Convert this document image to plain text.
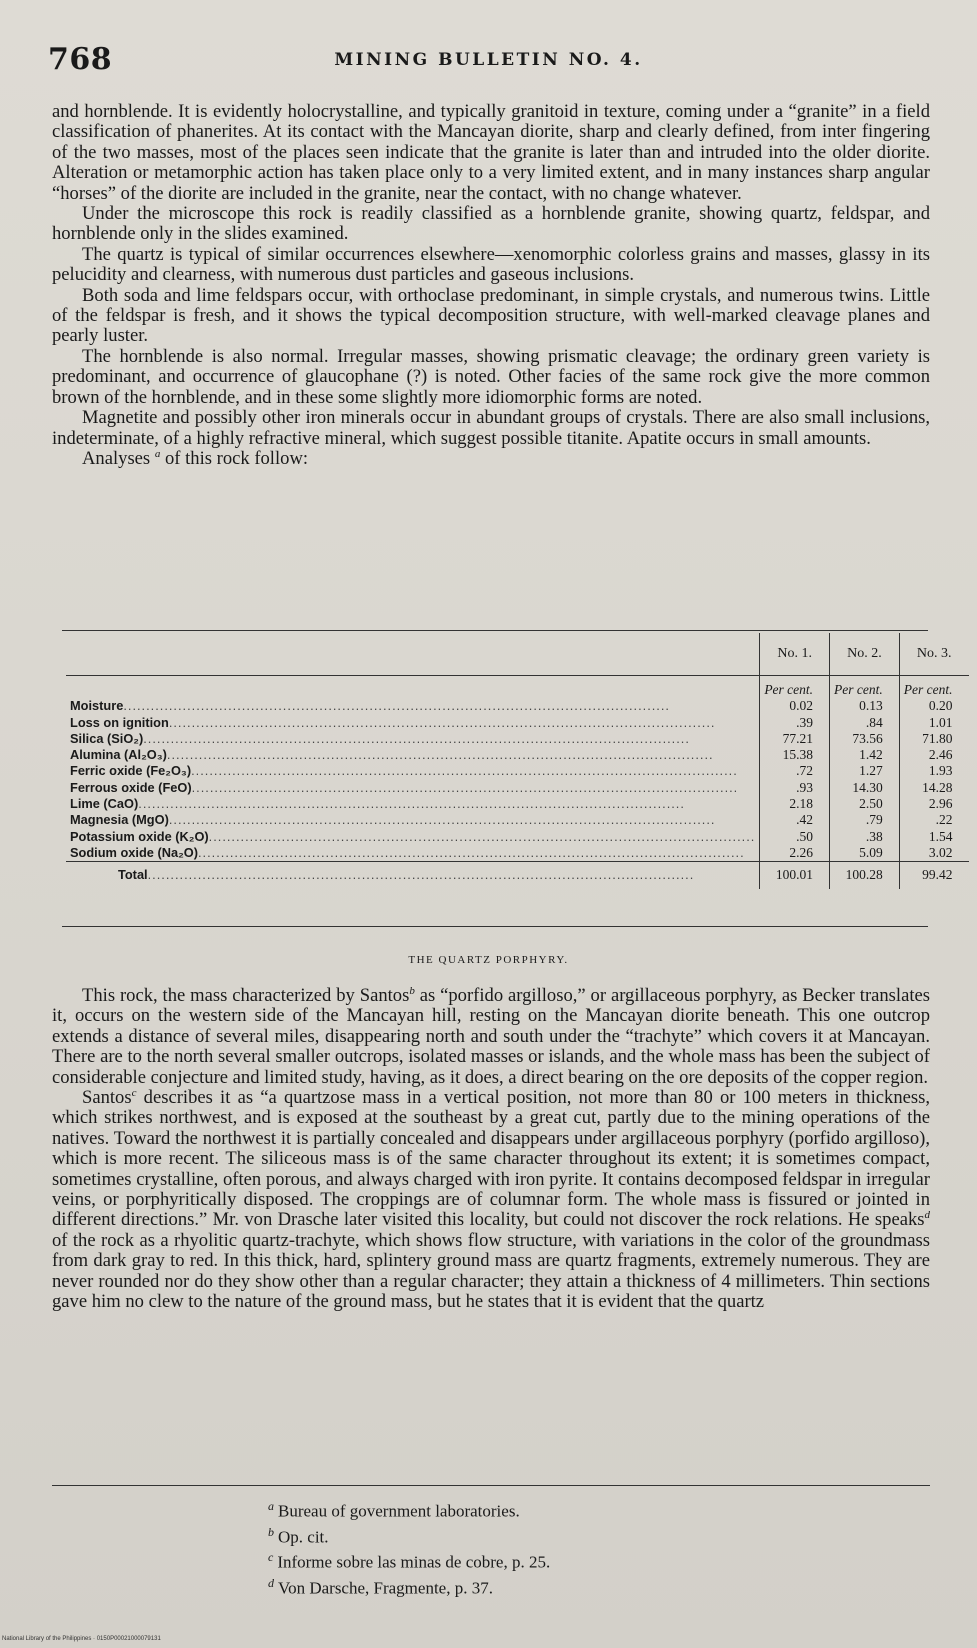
768	MINING BULLETIN NO. 4.

and hornblende. It is evidently holocrystalline, and typically granitoid in texture, coming under a “granite” in a field classification of phanerites. At its contact with the Mancayan diorite, sharp and clearly defined, from inter fingering of the two masses, most of the places seen indicate that the granite is later than and intruded into the older diorite. Alteration or metamorphic action has taken place only to a very limited extent, and in many instances sharp angular “horses” of the diorite are included in the granite, near the contact, with no change whatever.

Under the microscope this rock is readily classified as a hornblende granite, showing quartz, feldspar, and hornblende only in the slides examined.

The quartz is typical of similar occurrences elsewhere—xenomorphic colorless grains and masses, glassy in its pelucidity and clearness, with numerous dust particles and gaseous inclusions.

Both soda and lime feldspars occur, with orthoclase predominant, in simple crystals, and numerous twins. Little of the feldspar is fresh, and it shows the typical decomposition structure, with well-marked cleavage planes and pearly luster.

The hornblende is also normal. Irregular masses, showing prismatic cleavage; the ordinary green variety is predominant, and occurrence of glaucophane (?) is noted. Other facies of the same rock give the more common brown of the hornblende, and in these some slightly more idiomorphic forms are noted.

Magnetite and possibly other iron minerals occur in abundant groups of crystals. There are also small inclusions, indeterminate, of a highly refractive mineral, which suggest possible titanite. Apatite occurs in small amounts.

Analyses $^a$ of this rock follow:

	No. 1.	No. 2.	No. 3.
	Per cent.	Per cent.	Per cent.

Moisture ........................................................................................................................	0.02	0.13	0.20

Loss on ignition ........................................................................................................................	.39	.84	1.01

Silica (SiO₂) ........................................................................................................................	77.21	73.56	71.80

Alumina (Al₂O₃) ........................................................................................................................	15.38	1.42	2.46

Ferric oxide (Fe₂O₃) ........................................................................................................................	.72	1.27	1.93

Ferrous oxide (FeO) ........................................................................................................................	.93	14.30	14.28

Lime (CaO) ........................................................................................................................	2.18	2.50	2.96

Magnesia (MgO) ........................................................................................................................	.42	.79	.22

Potassium oxide (K₂O) ........................................................................................................................	.50	.38	1.54

Sodium oxide (Na₂O) ........................................................................................................................	2.26	5.09	3.02

Total ........................................................................................................................	100.01	100.28	99.42
THE QUARTZ PORPHYRY.

This rock, the mass characterized by Santos$^b$ as “porfido argilloso,” or argillaceous porphyry, as Becker translates it, occurs on the western side of the Mancayan hill, resting on the Mancayan diorite beneath. This one outcrop extends a distance of several miles, disappearing north and south under the “trachyte” which covers it at Mancayan. There are to the north several smaller outcrops, isolated masses or islands, and the whole mass has been the subject of considerable conjecture and limited study, having, as it does, a direct bearing on the ore deposits of the copper region.

Santos$^c$ describes it as “a quartzose mass in a vertical position, not more than 80 or 100 meters in thickness, which strikes northwest, and is exposed at the southeast by a great cut, partly due to the mining operations of the natives. Toward the northwest it is partially concealed and disappears under argillaceous porphyry (porfido argilloso), which is more recent. The siliceous mass is of the same character throughout its extent; it is sometimes compact, sometimes crystalline, often porous, and always charged with iron pyrite. It contains decomposed feldspar in irregular veins, or porphyritically disposed. The croppings are of columnar form. The whole mass is fissured or jointed in different directions.” Mr. von Drasche later visited this locality, but could not discover the rock relations. He speaks$^d$ of the rock as a rhyolitic quartz-trachyte, which shows flow structure, with variations in the color of the groundmass from dark gray to red. In this thick, hard, splintery ground mass are quartz fragments, extremely numerous. They are never rounded nor do they show other than a regular character; they attain a thickness of 4 millimeters. Thin sections gave him no clew to the nature of the ground mass, but he states that it is evident that the quartz

$^a$ Bureau of government laboratories.
$^b$ Op. cit.
$^c$ Informe sobre las minas de cobre, p. 25.
$^d$ Von Darsche, Fragmente, p. 37.
National Library of the Philippines · 0150P00021000079131
